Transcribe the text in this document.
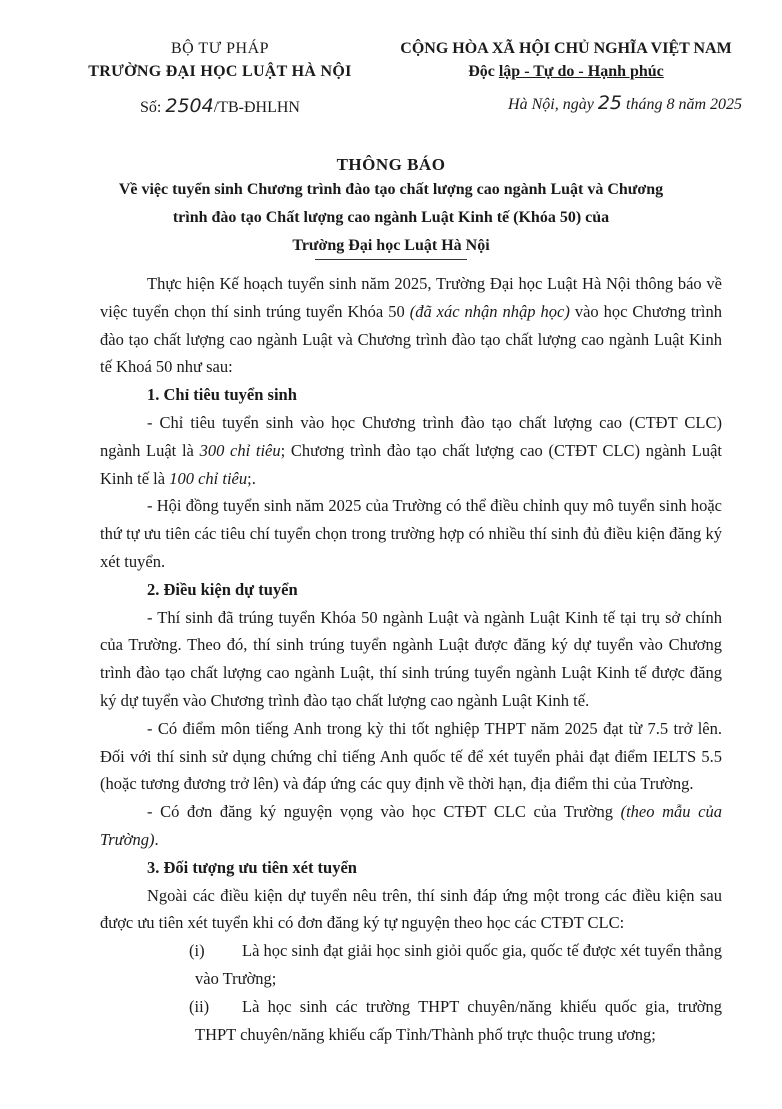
BỘ TƯ PHÁP
TRƯỜNG ĐẠI HỌC LUẬT HÀ NỘI
Số: 2504/TB-ĐHLHN
CỘNG HÒA XÃ HỘI CHỦ NGHĨA VIỆT NAM
Độc lập - Tự do - Hạnh phúc
Hà Nội, ngày 25 tháng 8 năm 2025
THÔNG BÁO
Về việc tuyển sinh Chương trình đào tạo chất lượng cao ngành Luật và Chương
trình đào tạo Chất lượng cao ngành Luật Kinh tế (Khóa 50) của
Trường Đại học Luật Hà Nội

Thực hiện Kế hoạch tuyển sinh năm 2025, Trường Đại học Luật Hà Nội thông báo về việc tuyển chọn thí sinh trúng tuyển Khóa 50 (đã xác nhận nhập học) vào học Chương trình đào tạo chất lượng cao ngành Luật và Chương trình đào tạo chất lượng cao ngành Luật Kinh tế Khoá 50 như sau:

1. Chỉ tiêu tuyển sinh

- Chỉ tiêu tuyển sinh vào học Chương trình đào tạo chất lượng cao (CTĐT CLC) ngành Luật là 300 chỉ tiêu; Chương trình đào tạo chất lượng cao (CTĐT CLC) ngành Luật Kinh tế là 100 chỉ tiêu;.

- Hội đồng tuyển sinh năm 2025 của Trường có thể điều chỉnh quy mô tuyển sinh hoặc thứ tự ưu tiên các tiêu chí tuyển chọn trong trường hợp có nhiều thí sinh đủ điều kiện đăng ký xét tuyển.

2. Điều kiện dự tuyển

- Thí sinh đã trúng tuyển Khóa 50 ngành Luật và ngành Luật Kinh tế tại trụ sở chính của Trường. Theo đó, thí sinh trúng tuyển ngành Luật được đăng ký dự tuyển vào Chương trình đào tạo chất lượng cao ngành Luật, thí sinh trúng tuyển ngành Luật Kinh tế được đăng ký dự tuyển vào Chương trình đào tạo chất lượng cao ngành Luật Kinh tế.

- Có điểm môn tiếng Anh trong kỳ thi tốt nghiệp THPT năm 2025 đạt từ 7.5 trở lên. Đối với thí sinh sử dụng chứng chỉ tiếng Anh quốc tế để xét tuyển phải đạt điểm IELTS 5.5 (hoặc tương đương trở lên) và đáp ứng các quy định về thời hạn, địa điểm thi của Trường.

- Có đơn đăng ký nguyện vọng vào học CTĐT CLC của Trường (theo mẫu của Trường).

3. Đối tượng ưu tiên xét tuyển

Ngoài các điều kiện dự tuyển nêu trên, thí sinh đáp ứng một trong các điều kiện sau được ưu tiên xét tuyển khi có đơn đăng ký tự nguyện theo học các CTĐT CLC:

(i) Là học sinh đạt giải học sinh giỏi quốc gia, quốc tế được xét tuyển thẳng vào Trường;

(ii) Là học sinh các trường THPT chuyên/năng khiếu quốc gia, trường THPT chuyên/năng khiếu cấp Tỉnh/Thành phố trực thuộc trung ương;
